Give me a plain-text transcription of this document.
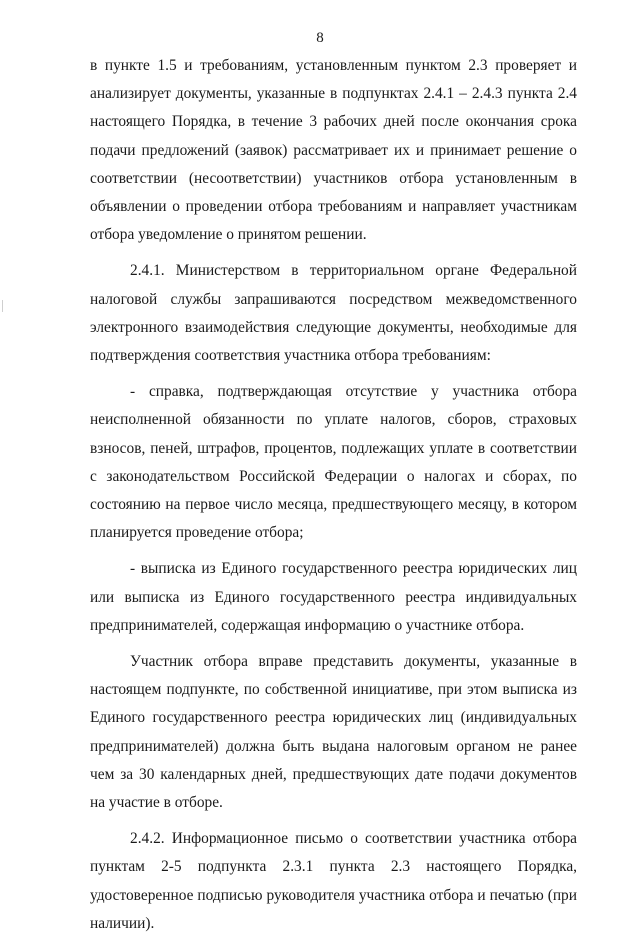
8

в пункте 1.5 и требованиям, установленным пунктом 2.3 проверяет и анализирует документы, указанные в подпунктах 2.4.1 – 2.4.3 пункта 2.4 настоящего Порядка, в течение 3 рабочих дней после окончания срока подачи предложений (заявок) рассматривает их и принимает решение о соответствии (несоответствии) участников отбора установленным в объявлении о проведении отбора требованиям и направляет участникам отбора уведомление о принятом решении.

2.4.1. Министерством в территориальном органе Федеральной налоговой службы запрашиваются посредством межведомственного электронного взаимодействия следующие документы, необходимые для подтверждения соответствия участника отбора требованиям:

- справка, подтверждающая отсутствие у участника отбора неисполненной обязанности по уплате налогов, сборов, страховых взносов, пеней, штрафов, процентов, подлежащих уплате в соответствии с законодательством Российской Федерации о налогах и сборах, по состоянию на первое число месяца, предшествующего месяцу, в котором планируется проведение отбора;

- выписка из Единого государственного реестра юридических лиц или выписка из Единого государственного реестра индивидуальных предпринимателей, содержащая информацию о участнике отбора.

Участник отбора вправе представить документы, указанные в настоящем подпункте, по собственной инициативе, при этом выписка из Единого государственного реестра юридических лиц (индивидуальных предпринимателей) должна быть выдана налоговым органом не ранее чем за 30 календарных дней, предшествующих дате подачи документов на участие в отборе.

2.4.2. Информационное письмо о соответствии участника отбора пунктам 2-5 подпункта 2.3.1 пункта 2.3 настоящего Порядка, удостоверенное подписью руководителя участника отбора и печатью (при наличии).
